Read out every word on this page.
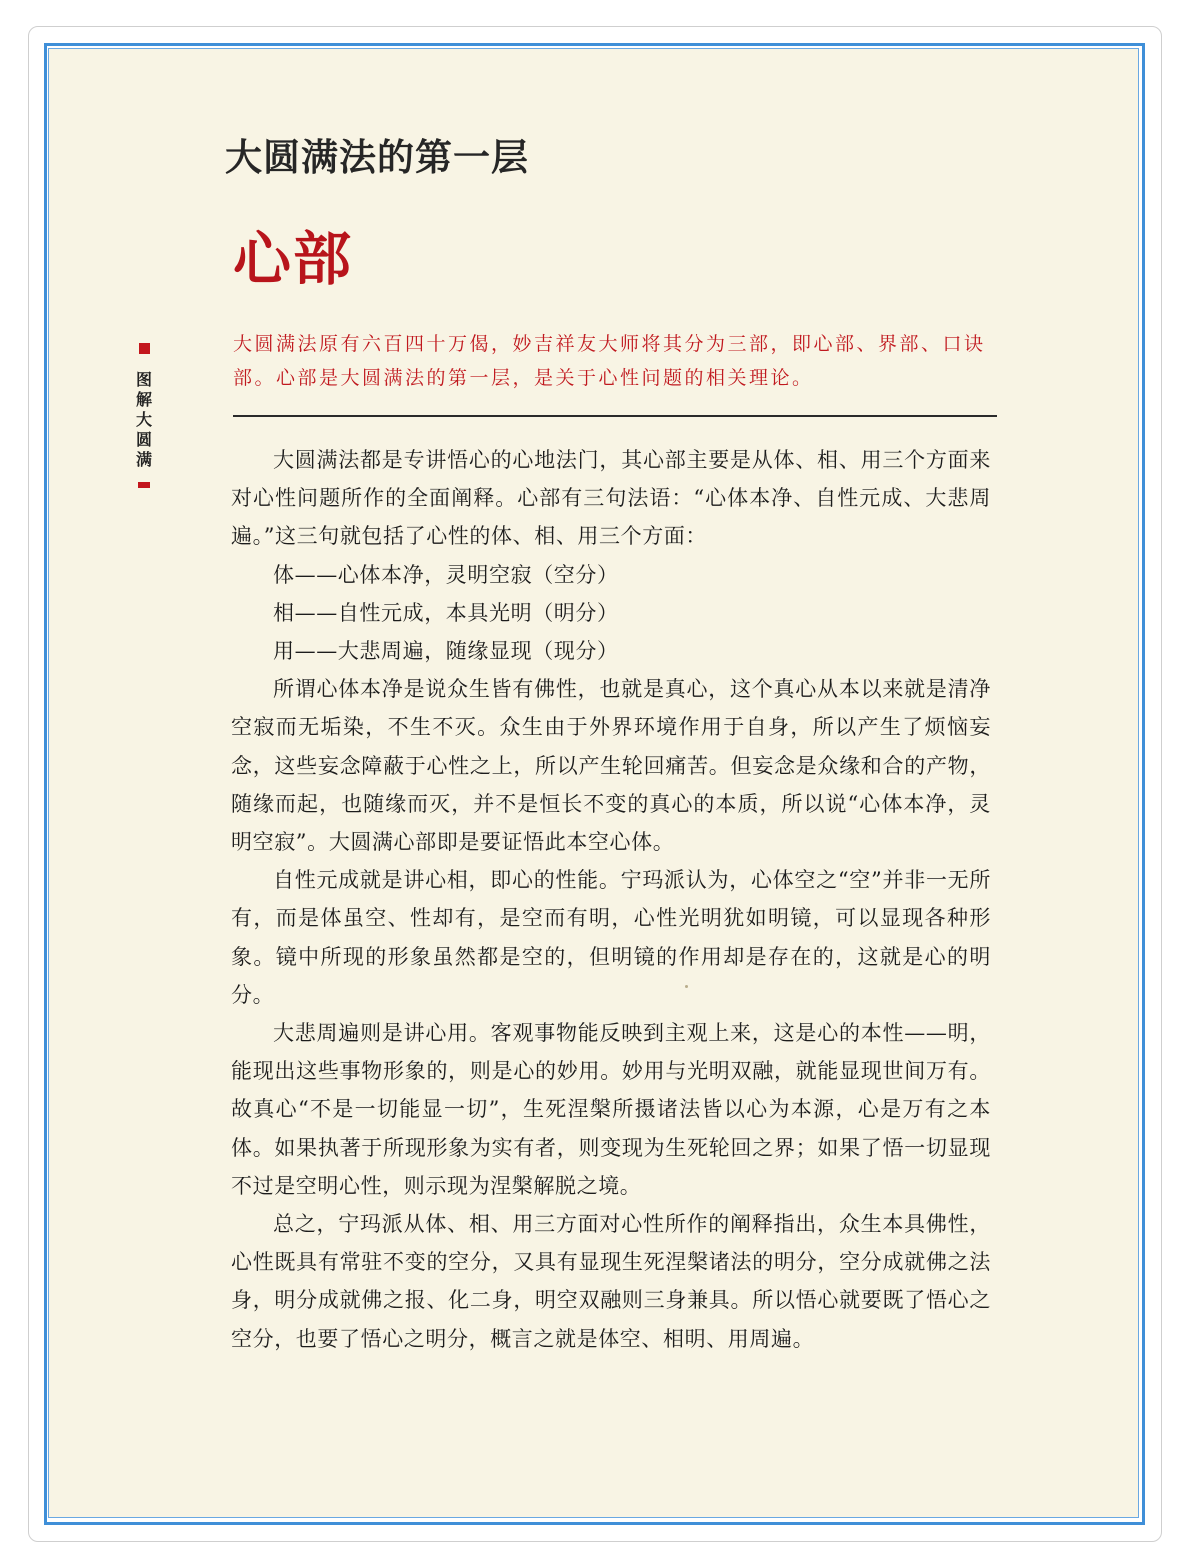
大圆满法的第一层
心部
图解大圆满

大圆满法原有六百四十万偈，妙吉祥友大师将其分为三部，即心部、界部、口诀部。心部是大圆满法的第一层，是关于心性问题的相关理论。

大圆满法都是专讲悟心的心地法门，其心部主要是从体、相、用三个方面来对心性问题所作的全面阐释。心部有三句法语：“心体本净、自性元成、大悲周遍。”这三句就包括了心性的体、相、用三个方面：

体——心体本净，灵明空寂（空分）

相——自性元成，本具光明（明分）

用——大悲周遍，随缘显现（现分）

所谓心体本净是说众生皆有佛性，也就是真心，这个真心从本以来就是清净空寂而无垢染，不生不灭。众生由于外界环境作用于自身，所以产生了烦恼妄念，这些妄念障蔽于心性之上，所以产生轮回痛苦。但妄念是众缘和合的产物，随缘而起，也随缘而灭，并不是恒长不变的真心的本质，所以说“心体本净，灵明空寂”。大圆满心部即是要证悟此本空心体。

自性元成就是讲心相，即心的性能。宁玛派认为，心体空之“空”并非一无所有，而是体虽空、性却有，是空而有明，心性光明犹如明镜，可以显现各种形象。镜中所现的形象虽然都是空的，但明镜的作用却是存在的，这就是心的明分。

大悲周遍则是讲心用。客观事物能反映到主观上来，这是心的本性——明，能现出这些事物形象的，则是心的妙用。妙用与光明双融，就能显现世间万有。故真心“不是一切能显一切”，生死涅槃所摄诸法皆以心为本源，心是万有之本体。如果执著于所现形象为实有者，则变现为生死轮回之界；如果了悟一切显现不过是空明心性，则示现为涅槃解脱之境。

总之，宁玛派从体、相、用三方面对心性所作的阐释指出，众生本具佛性，心性既具有常驻不变的空分，又具有显现生死涅槃诸法的明分，空分成就佛之法身，明分成就佛之报、化二身，明空双融则三身兼具。所以悟心就要既了悟心之空分，也要了悟心之明分，概言之就是体空、相明、用周遍。
